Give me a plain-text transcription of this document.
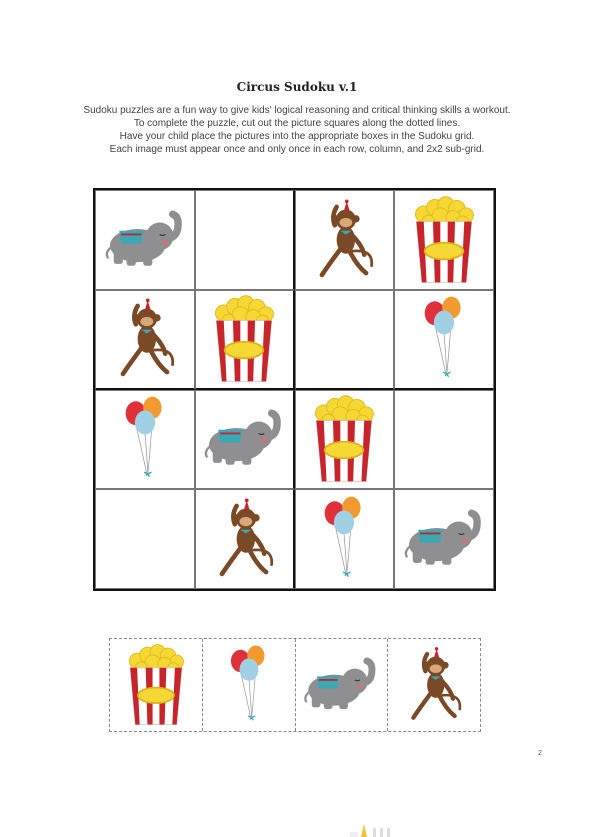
Circus Sudoku v.1
Sudoku puzzles are a fun way to give kids' logical reasoning and critical thinking skills a workout.
To complete the puzzle, cut out the picture squares along the dotted lines.
Have your child place the pictures into the appropriate boxes in the Sudoku grid.
Each image must appear once and only once in each row, column, and 2x2 sub-grid.
2
